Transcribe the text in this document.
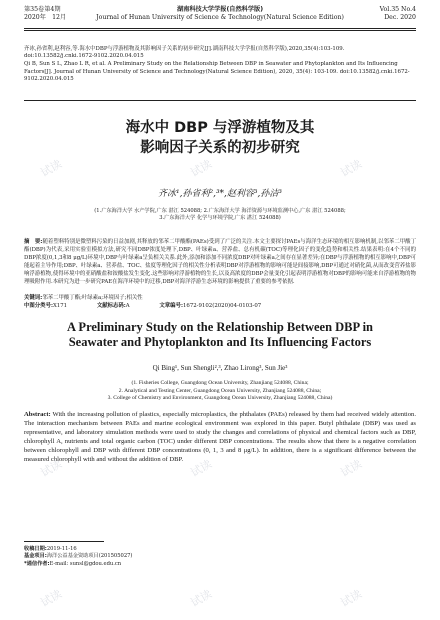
第35卷第4期
2020年　12月
湖南科技大学学报(自然科学版)
Journal of Hunan University of Science & Technology(Natural Science Edition)
Vol.35 No.4
Dec. 2020

齐冰,孙省利,赵利容,等.海水中DBP与浮游植物及其影响因子关系的初步研究[J].湖南科技大学学报(自然科学版),2020,35(4):103-109. doi:10.13582/j.cnki.1672-9102.2020.04.015

Qi B, Sun S L, Zhao L R, et al. A Preliminary Study on the Relationship Between DBP in Seawater and Phytoplankton and Its Influencing Factors[J]. Journal of Hunan University of Science and Technology(Natural Science Edition), 2020, 35(4): 103-109. doi:10.13582/j.cnki.1672-9102.2020.04.015

海水中 DBP 与浮游植物及其
影响因子关系的初步研究
齐冰¹,孙省利²,³*,赵利容³,孙洁³
(1.广东海洋大学 水产学院,广东 湛江 524088; 2.广东海洋大学 海洋资源与环境监测中心,广东 湛江 524088;
3.广东海洋大学 化学与环境学院,广东 湛江 524088)
摘　要:随着塑料特别是微塑料污染的日益加剧,其释放的邻苯二甲酸酯(PAEs)受到了广泛的关注.本文主要探讨PAEs与海洋生态环境的相互影响机制,以邻苯二甲酸丁酯(DBP)为代表,采用实验室模拟方法,研究不同DBP浓度处理下,DBP、叶绿素a、营养盐、总有机碳(TOC)等理化因子的变化趋势和相关性.结果表明:在4个不同的DBP浓度(0,1,3和8 μg/L)环境中,DBP与叶绿素a呈负相关关系.此外,添加和添加不同浓度DBP对叶绿素a之间存在显著差异;在DBP与浮游植物的相互影响中,DBP可能起着主导作用;DBP、叶绿素a、营养盐、TOC、盐度等理化因子的相关性分析表明DBP对浮游植物的影响可能是间接影响,DBP可通过对硝化菌,从而改变营养盐影响浮游植物,使得环境中的亚硝酸盐和铵酸盐发生变化.这些影响对浮游植物的生长,以及高浓度的DBP会量变化引起表明浮游植物对DBP的影响可能来自浮游植物的物理吸附作用.本研究为进一步研究PAE在海洋环境中的迁移,DBP对海洋浮游生态环境的影响提供了重要的参考依据.
关键词:邻苯二甲酸丁酯;叶绿素a;环境因子;相关性
中图分类号:X171	文献标志码:A	文章编号:1672-9102(2020)04-0103-07
A Preliminary Study on the Relationship Between DBP in
Seawater and Phytoplankton and Its Influencing Factors
Qi Bing¹, Sun Shengli²,³, Zhao Lirong³, Sun Jie³
(1. Fisheries College, Guangdong Ocean University, Zhanjiang 524088, China;
2. Analytical and Testing Center, Guangdong Ocean University, Zhanjiang 524088, China;
3. College of Chemistry and Environment, Guangdong Ocean University, Zhanjiang 524088, China)
Abstract: With the increasing pollution of plastics, especially microplastics, the phthalates (PAEs) released by them had received widely attention. The interaction mechanism between PAEs and marine ecological environment was explored in this paper. Butyl phthalate (DBP) was used as representative, and laboratory simulation methods were used to study the changes and correlations of physical and chemical factors such as DBP, chlorophyll A, nutrients and total organic carbon (TOC) under different DBP concentrations. The results show that there is a negative correlation between chlorophyll and DBP with different DBP concentrations (0, 1, 3 and 8 μg/L). In addition, there is a significant difference between the measured chlorophyll with and without the addition of DBP.

收稿日期:2019-11-16

基金项目:海洋公益基金资助项目(201505027)

*通信作者:E-mail: sunsl@gdou.edu.cn

试读	试读	试读
试读	试读	试读
试读	试读	试读
